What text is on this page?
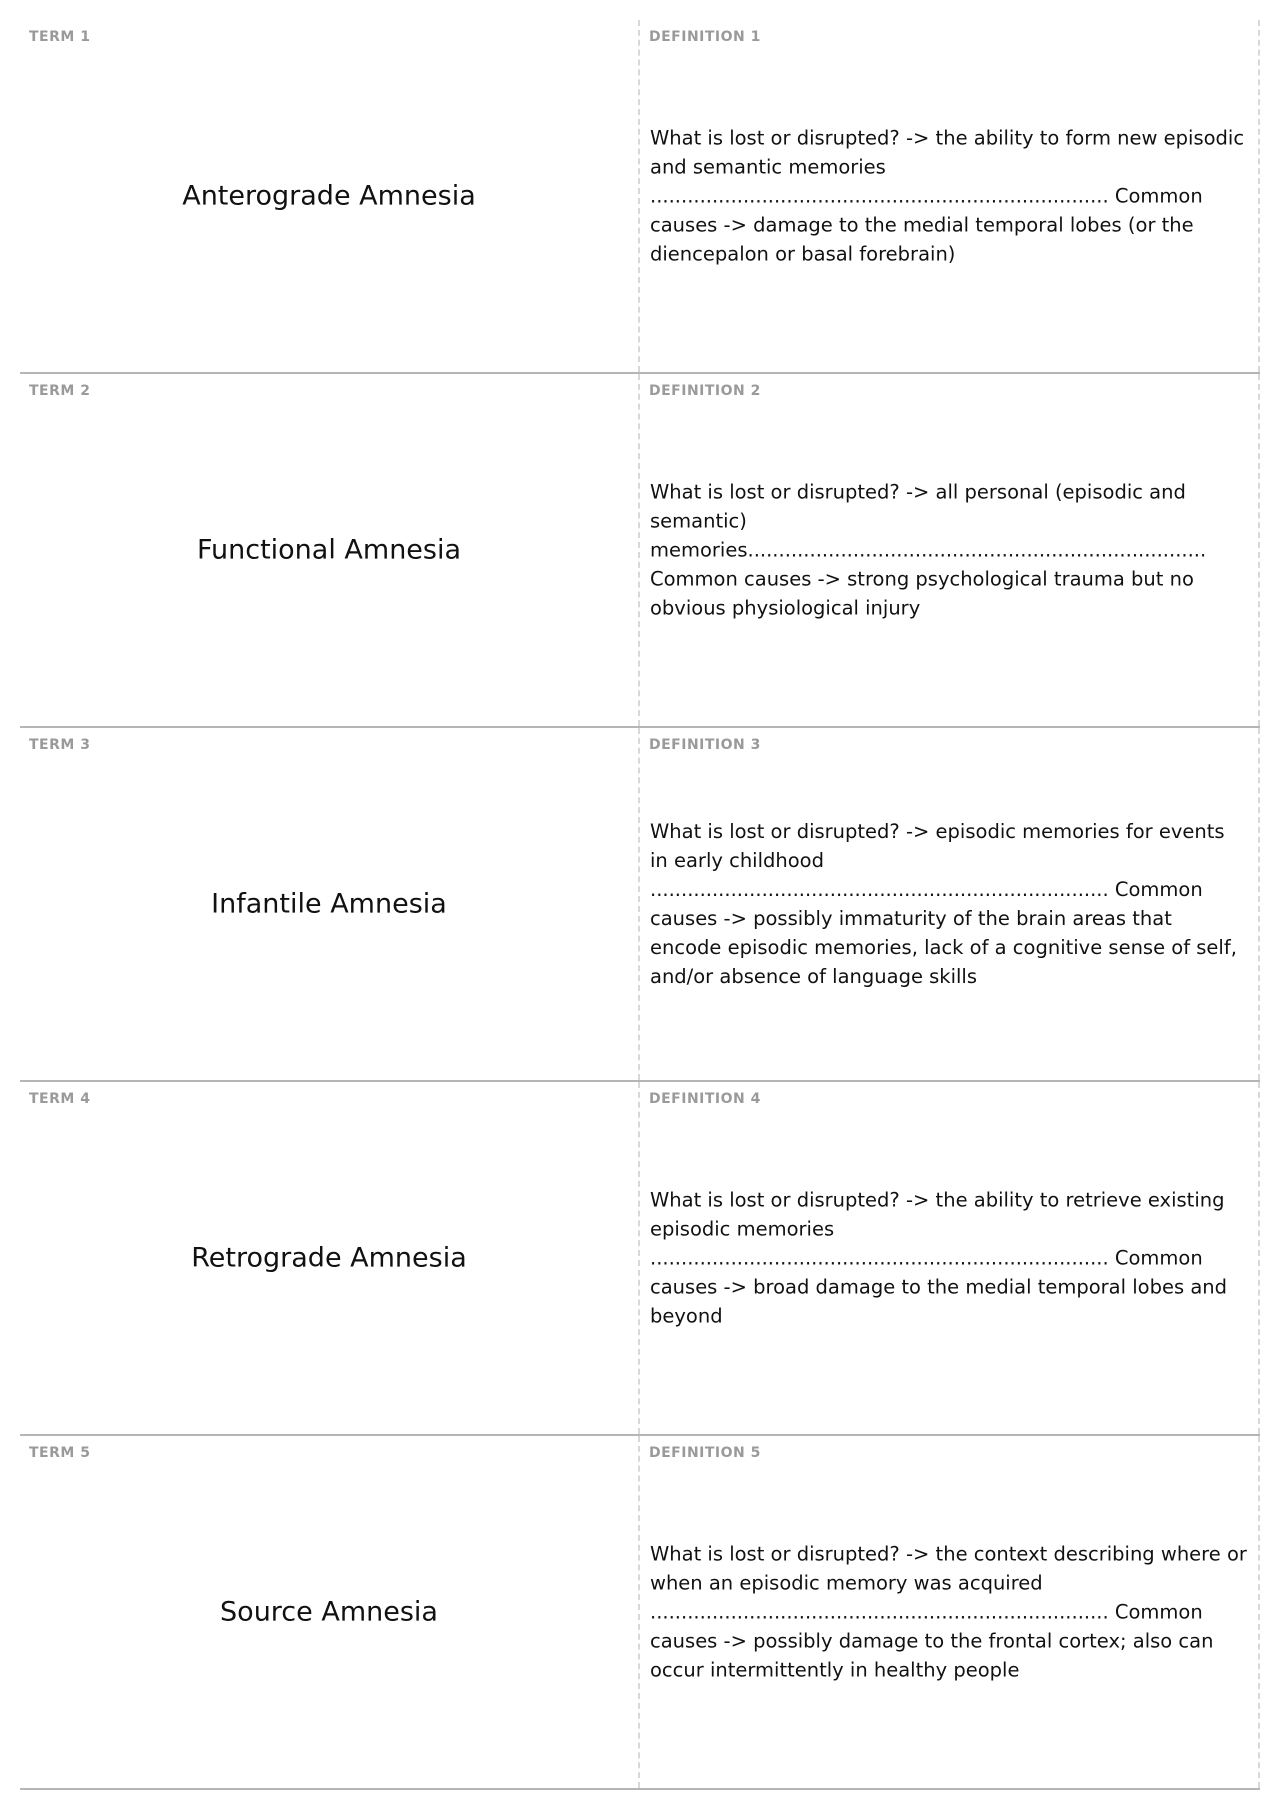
TERM 1
Anterograde Amnesia
DEFINITION 1
What is lost or disrupted? -> the ability to form new episodic and semantic memories
.......................................................................... Common causes -> damage to the medial temporal lobes (or the diencepalon or basal forebrain)
TERM 2
Functional Amnesia
DEFINITION 2
What is lost or disrupted? -> all personal (episodic and semantic)
memories..........................................................................
Common causes -> strong psychological trauma but no obvious physiological injury
TERM 3
Infantile Amnesia
DEFINITION 3
What is lost or disrupted? -> episodic memories for events in early childhood
.......................................................................... Common causes -> possibly immaturity of the brain areas that encode episodic memories, lack of a cognitive sense of self, and/or absence of language skills
TERM 4
Retrograde Amnesia
DEFINITION 4
What is lost or disrupted? -> the ability to retrieve existing episodic memories
.......................................................................... Common causes -> broad damage to the medial temporal lobes and beyond
TERM 5
Source Amnesia
DEFINITION 5
What is lost or disrupted? -> the context describing where or when an episodic memory was acquired
.......................................................................... Common causes -> possibly damage to the frontal cortex; also can occur intermittently in healthy people
